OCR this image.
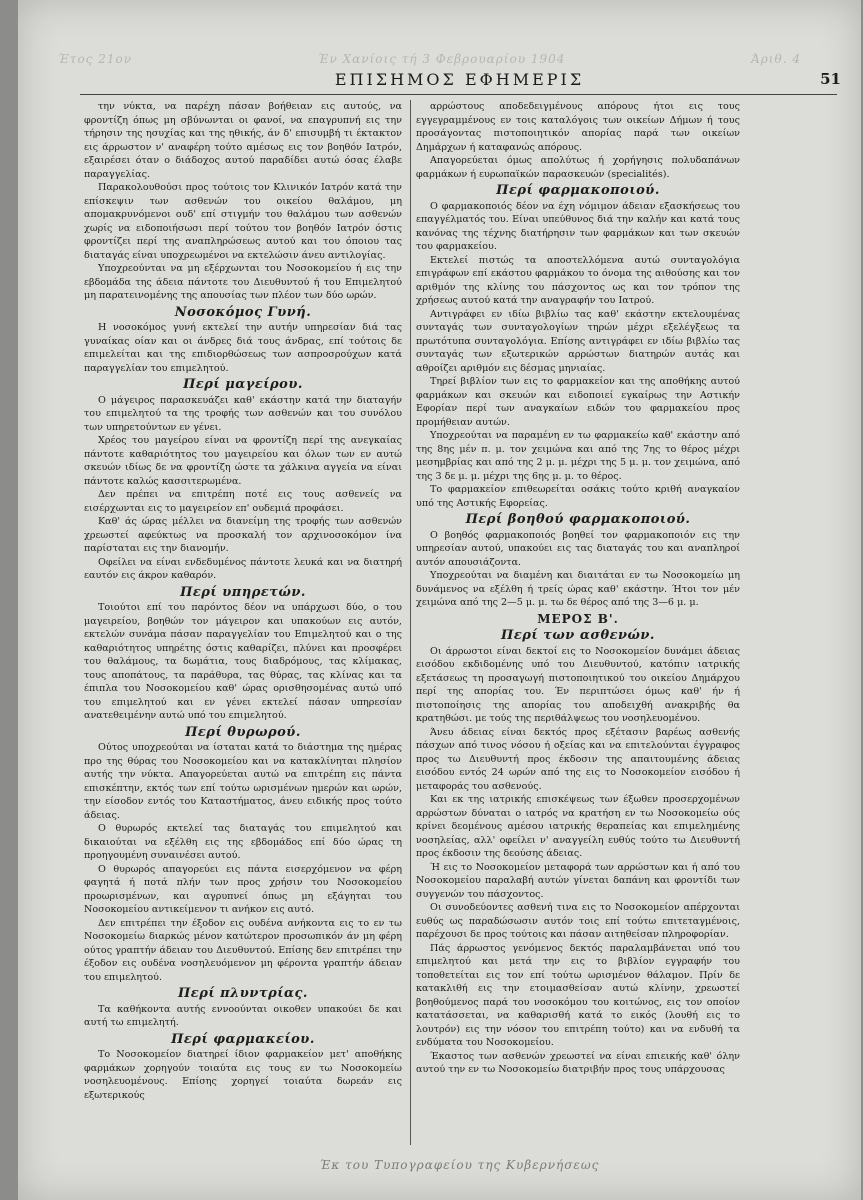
Έτος 21ον	Έν Χανίοις τή 3 Φεβρουαρίου 1904	Άριθ. 4
ΕΠΙΣΗΜΟΣ ΕΦΗΜΕΡΙΣ	51

την νύκτα, να παρέχη πάσαν βοήθειαν εις αυτούς, να φροντίζη όπως μη σβύνωνται οι φανοί, να επαγρυπνή εις την τήρησιν της ησυχίας και της ηθικής, άν δ' επισυμβή τι έκτακτον εις άρρωστον ν' αναφέρη τούτο αμέσως εις τον βοηθόν Ιατρόν, εξαιρέσει όταν ο διάδοχος αυτού παραδίδει αυτώ όσας έλαβε παραγγελίας.

Παρακολουθούσι προς τούτοις τον Κλινικόν Ιατρόν κατά την επίσκεψιν των ασθενών του οικείου θαλάμου, μη απομακρυνόμενοι ουδ' επί στιγμήν του θαλάμου των ασθενών χωρίς να ειδοποιήσωσι περί τούτου τον βοηθόν Ιατρόν όστις φροντίζει περί της αναπληρώσεως αυτού και του όποιου τας διαταγάς είναι υποχρεωμένοι να εκτελώσιν άνευ αντιλογίας.

Υποχρεούνται να μη εξέρχωνται του Νοσοκομείου ή εις την εβδομάδα της άδεια πάντοτε του Διευθυντού ή του Επιμελητού μη παρατεινομένης της απουσίας των πλέον των δύο ωρών.

Νοσοκόμος Γυνή.

Η νοσοκόμος γυνή εκτελεί την αυτήν υπηρεσίαν διά τας γυναίκας οίαν και οι άνδρες διά τους άνδρας, επί τούτοις δε επιμελείται και της επιδιορθώσεως των ασπροσρούχων κατά παραγγελίαν του επιμελητού.

Περί μαγείρου.

Ο μάγειρος παρασκευάζει καθ' εκάστην κατά την διαταγήν του επιμελητού τα της τροφής των ασθενών και του συνόλου των υπηρετούντων εν γένει.

Χρέος του μαγείρου είναι να φροντίζη περί της ανεγκαίας πάντοτε καθαριότητος του μαγειρείου και όλων των εν αυτώ σκευών ιδίως δε να φροντίζη ώστε τα χάλκινα αγγεία να είναι πάντοτε καλώς κασσιτερωμένα.

Δεν πρέπει να επιτρέπη ποτέ εις τους ασθενείς να εισέρχωνται εις το μαγειρείον επ' ουδεμιά προφάσει.

Καθ' άς ώρας μέλλει να διανείμη της τροφής των ασθενών χρεωστεί αφεύκτως να προσκαλή τον αρχινοσοκόμον ίνα παρίσταται εις την διανομήν.

Οφείλει να είναι ενδεδυμένος πάντοτε λευκά και να διατηρή εαυτόν εις άκρον καθαρόν.

Περί υπηρετών.

Τοιούτοι επί του παρόντος δέον να υπάρχωσι δύο, ο του μαγειρείου, βοηθών τον μάγειρον και υπακούων εις αυτόν, εκτελών συνάμα πάσαν παραγγελίαν του Επιμελητού και ο της καθαριότητος υπηρέτης όστις καθαρίζει, πλύνει και προσφέρει του θαλάμους, τα δωμάτια, τους διαδρόμους, τας κλίμακας, τους αποπάτους, τα παράθυρα, τας θύρας, τας κλίνας και τα έπιπλα του Νοσοκομείου καθ' ώρας ορισθησομένας αυτώ υπό του επιμελητού και εν γένει εκτελεί πάσαν υπηρεσίαν ανατεθειμένην αυτώ υπό του επιμελητού.

Περί θυρωρού.

Ούτος υποχρεούται να ίσταται κατά το διάστημα της ημέρας προ της θύρας του Νοσοκομείου και να κατακλίνηται πλησίον αυτής την νύκτα. Απαγορεύεται αυτώ να επιτρέπη εις πάντα επισκέπτην, εκτός των επί τούτω ωρισμένων ημερών και ωρών, την είσοδον εντός του Καταστήματος, άνευ ειδικής προς τούτο άδειας.

Ο θυρωρός εκτελεί τας διαταγάς του επιμελητού και δικαιούται να εξέλθη εις της εβδομάδος επί δύο ώρας τη προηγουμένη συναινέσει αυτού.

Ο θυρωρός απαγορεύει εις πάντα εισερχόμενον να φέρη φαγητά ή ποτά πλήν των προς χρήσιν του Νοσοκομείου προωρισμένων, και αγρυπνεί όπως μη εξάγηται του Νοσοκομείου αντικείμενον τι ανήκον εις αυτό.

Δεν επιτρέπει την έξοδον εις ουδένα ανήκοντα εις το εν τω Νοσοκομείω διαρκώς μένον κατώτερον προσωπικόν άν μη φέρη ούτος γραπτήν άδειαν του Διευθυντού. Επίσης δεν επιτρέπει την έξοδον εις ουδένα νοσηλευόμενον μη φέροντα γραπτήν άδειαν του επιμελητού.

Περί πλυντρίας.

Τα καθήκοντα αυτής εννοούνται οικοθεν υπακούει δε και αυτή τω επιμελητή.

Περί φαρμακείου.

Το Νοσοκομείον διατηρεί ίδιον φαρμακείον μετ' αποθήκης φαρμάκων χορηγούν τοιαύτα εις τους εν τω Νοσοκομείω νοσηλευομένους. Επίσης χορηγεί τοιαύτα δωρεάν εις εξωτερικούς

αρρώστους αποδεδειγμένους απόρους ήτοι εις τους εγγεγραμμένους εν τοις καταλόγοις των οικείων Δήμων ή τους προσάγοντας πιστοποιητικόν απορίας παρά των οικείων Δημάρχων ή καταφανώς απόρους.

Απαγορεύεται όμως απολύτως ή χορήγησις πολυδαπάνων φαρμάκων ή ευρωπαϊκών παρασκευών (specialités).

Περί φαρμακοποιού.

Ο φαρμακοποιός δέον να έχη νόμιμον άδειαν εξασκήσεως του επαγγέλματός του. Είναι υπεύθυνος διά την καλήν και κατά τους κανόνας της τέχνης διατήρησιν των φαρμάκων και των σκευών του φαρμακείου.

Εκτελεί πιστώς τα αποστελλόμενα αυτώ συνταγολόγια επιγράφων επί εκάστου φαρμάκου το όνομα της αιθούσης και τον αριθμόν της κλίνης του πάσχοντος ως και τον τρόπον της χρήσεως αυτού κατά την αναγραφήν του Ιατρού.

Αντιγράφει εν ιδίω βιβλίω τας καθ' εκάστην εκτελουμένας συνταγάς των συνταγολογίων τηρών μέχρι εξελέγξεως τα πρωτότυπα συνταγολόγια. Επίσης αντιγράφει εν ιδίω βιβλίω τας συνταγάς των εξωτερικών αρρώστων διατηρών αυτάς και αθροίζει αριθμόν εις δέσμας μηνιαίας.

Τηρεί βιβλίον των εις το φαρμακείον και της αποθήκης αυτού φαρμάκων και σκευών και ειδοποιεί εγκαίρως την Αστικήν Εφορίαν περί των αναγκαίων ειδών του φαρμακείου προς προμήθειαν αυτών.

Υποχρεούται να παραμένη εν τω φαρμακείω καθ' εκάστην από της 8ης μέν π. μ. τον χειμώνα και από της 7ης το θέρος μέχρι μεσημβρίας και από της 2 μ. μ. μέχρι της 5 μ. μ. τον χειμώνα, από της 3 δε μ. μ. μέχρι της 6ης μ. μ. το θέρος.

Το φαρμακείον επιθεωρείται οσάκις τούτο κριθή αναγκαίον υπό της Αστικής Εφορείας.

Περί βοηθού φαρμακοποιού.

Ο βοηθός φαρμακοποιός βοηθεί τον φαρμακοποιόν εις την υπηρεσίαν αυτού, υπακούει εις τας διαταγάς του και αναπληροί αυτόν απουσιάζοντα.

Υποχρεούται να διαμένη και διαιτάται εν τω Νοσοκομείω μη δυνάμενος να εξέλθη ή τρείς ώρας καθ' εκάστην. Ήτοι τον μέν χειμώνα από της 2—5 μ. μ. τω δε θέρος από της 3—6 μ. μ.

ΜΕΡΟΣ Β'.
Περί των ασθενών.

Οι άρρωστοι είναι δεκτοί εις το Νοσοκομείον δυνάμει άδειας εισόδου εκδιδομένης υπό του Διευθυντού, κατόπιν ιατρικής εξετάσεως τη προσαγωγή πιστοποιητικού του οικείου Δημάρχου περί της απορίας του. Έν περιπτώσει όμως καθ' ήν ή πιστοποίησις της απορίας του αποδειχθή ανακριβής θα κρατηθώσι. με τούς της περιθάλψεως του νοσηλευομένου.

Άνευ άδειας είναι δεκτός προς εξέτασιν βαρέως ασθενής πάσχων από τινος νόσου ή οξείας και να επιτελούνται έγγραφος προς τω Διευθυντή προς έκδοσιν της απαιτουμένης άδειας εισόδου εντός 24 ωρών από της εις το Νοσοκομείον εισόδου ή μεταφοράς του ασθενούς.

Και εκ της ιατρικής επισκέψεως των έξωθεν προσερχομένων αρρώστων δύναται ο ιατρός να κρατήση εν τω Νοσοκομείω ούς κρίνει δεομένους αμέσου ιατρικής θεραπείας και επιμελημένης νοσηλείας, αλλ' οφείλει ν' αναγγείλη ευθύς τούτο τω Διευθυντή προς έκδοσιν της δεούσης άδειας.

Ή εις το Νοσοκομείον μεταφορά των αρρώστων και ή από του Νοσοκομείου παραλαβή αυτών γίνεται δαπάνη και φροντίδι των συγγενών του πάσχοντος.

Οι συνοδεύοντες ασθενή τινα εις το Νοσοκομείον απέρχονται ευθύς ως παραδώσωσιν αυτόν τοις επί τούτω επιτεταγμένοις, παρέχουσι δε προς τούτοις και πάσαν αιτηθείσαν πληροφορίαν.

Πάς άρρωστος γενόμενος δεκτός παραλαμβάνεται υπό του επιμελητού και μετά την εις το βιβλίον εγγραφήν του τοποθετείται εις τον επί τούτω ωρισμένον θάλαμον. Πρίν δε κατακλιθή εις την ετοιμασθείσαν αυτώ κλίνην, χρεωστεί βοηθούμενος παρά του νοσοκόμου του κοιτώνος, εις τον οποίον κατατάσσεται, να καθαρισθή κατά το εικός (λουθή εις το λουτρόν) εις την νόσον του επιτρέπη τούτο) και να ενδυθή τα ενδύματα του Νοσοκομείου.

Έκαστος των ασθενών χρεωστεί να είναι επιεικής καθ' όλην αυτού την εν τω Νοσοκομείω διατριβήν προς τους υπάρχουσας

Έκ του Τυπογραφείου της Κυβερνήσεως
